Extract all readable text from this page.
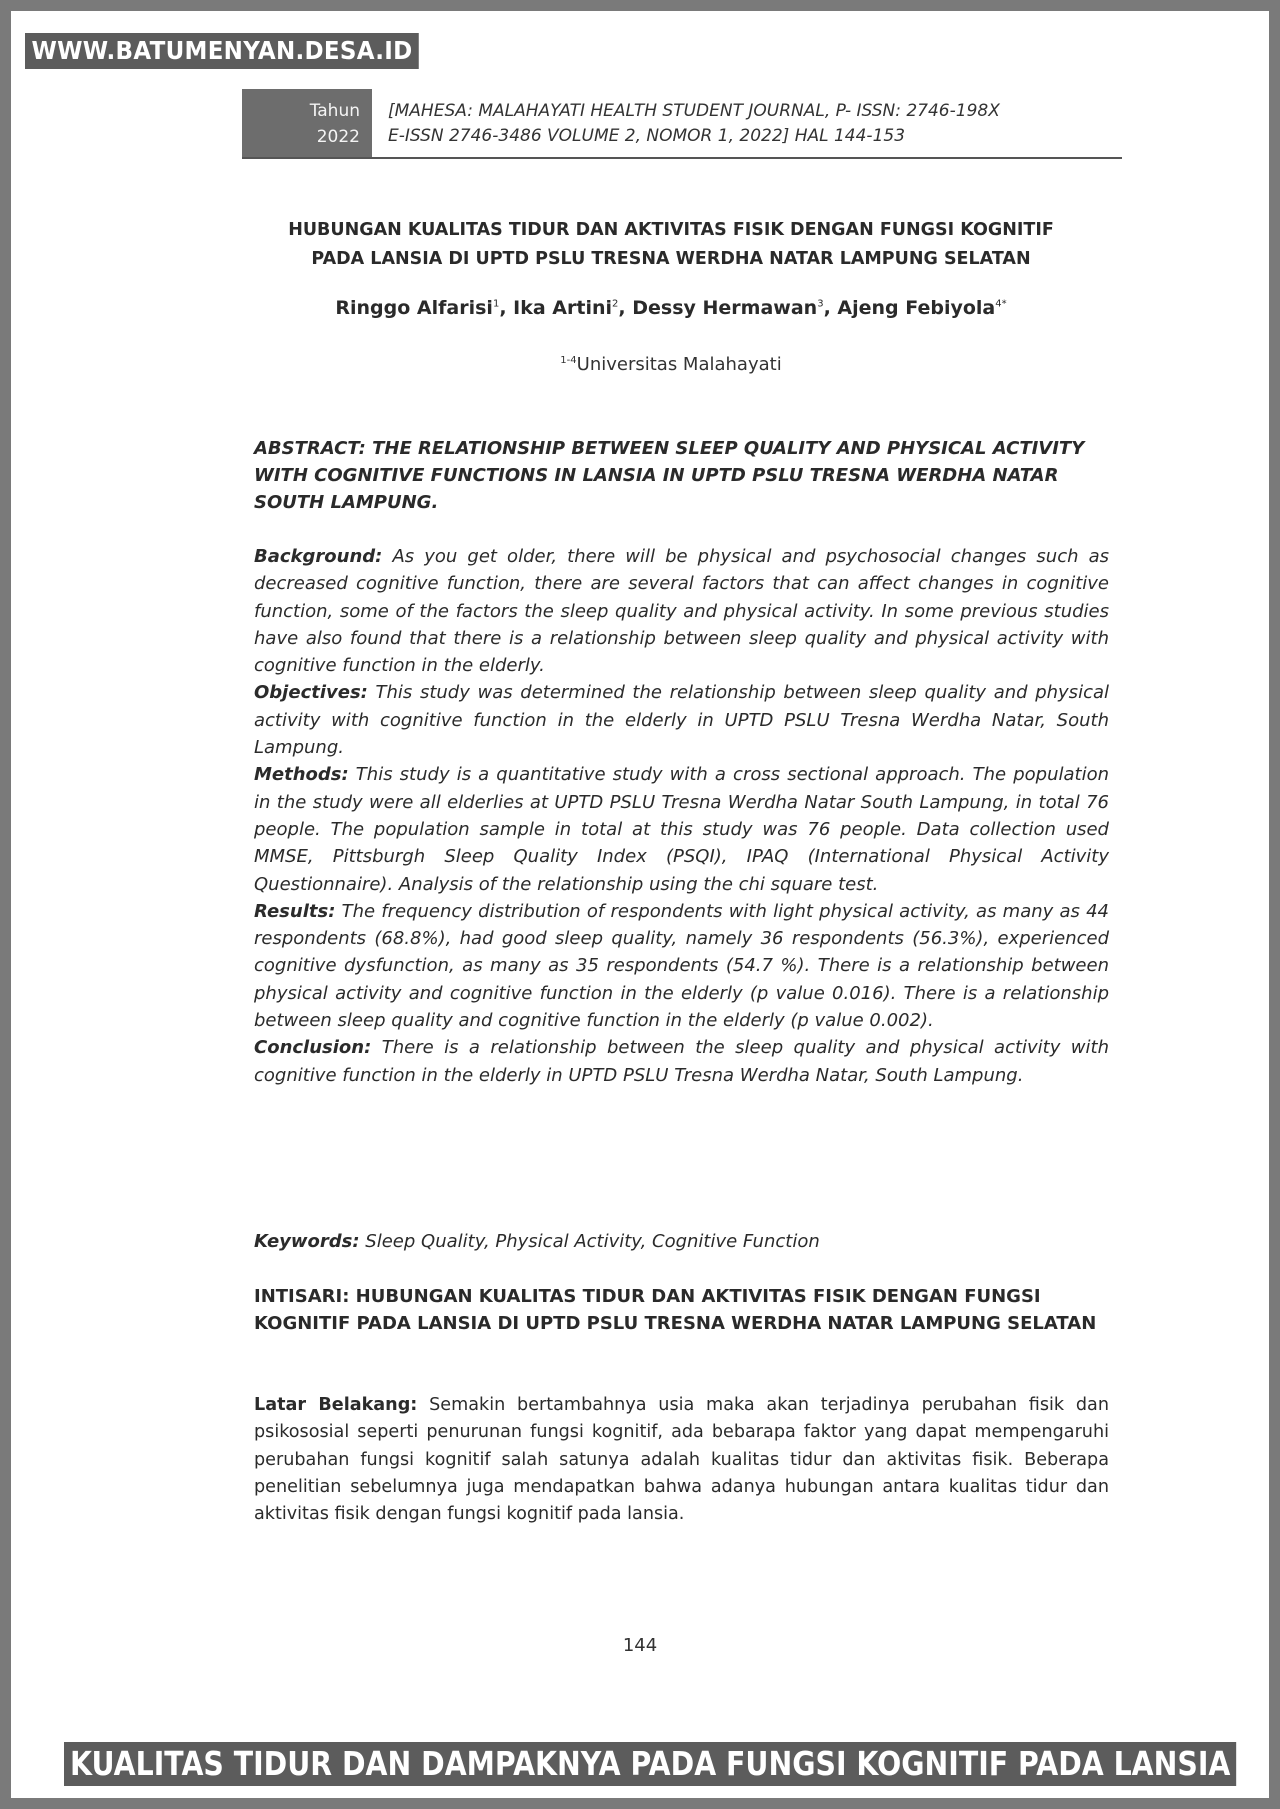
Tahun
2022
[MAHESA: MALAHAYATI HEALTH STUDENT JOURNAL, P- ISSN: 2746-198X
E-ISSN 2746-3486 VOLUME 2, NOMOR 1, 2022] HAL 144-153
HUBUNGAN KUALITAS TIDUR DAN AKTIVITAS FISIK DENGAN FUNGSI KOGNITIF
PADA LANSIA DI UPTD PSLU TRESNA WERDHA NATAR LAMPUNG SELATAN
Ringgo Alfarisi$^1$, Ika Artini$^2$, Dessy Hermawan$^3$, Ajeng Febiyola$^{4*}$
$^{1-4}$Universitas Malahayati
ABSTRACT: THE RELATIONSHIP BETWEEN SLEEP QUALITY AND PHYSICAL ACTIVITY WITH COGNITIVE FUNCTIONS IN LANSIA IN UPTD PSLU TRESNA WERDHA NATAR SOUTH LAMPUNG.
Background: As you get older, there will be physical and psychosocial changes such as decreased cognitive function, there are several factors that can affect changes in cognitive function, some of the factors the sleep quality and physical activity. In some previous studies have also found that there is a relationship between sleep quality and physical activity with cognitive function in the elderly.
Objectives: This study was determined the relationship between sleep quality and physical activity with cognitive function in the elderly in UPTD PSLU Tresna Werdha Natar, South Lampung.
Methods: This study is a quantitative study with a cross sectional approach. The population in the study were all elderlies at UPTD PSLU Tresna Werdha Natar South Lampung, in total 76 people. The population sample in total at this study was 76 people. Data collection used MMSE, Pittsburgh Sleep Quality Index (PSQI), IPAQ (International Physical Activity Questionnaire). Analysis of the relationship using the chi square test.
Results: The frequency distribution of respondents with light physical activity, as many as 44 respondents (68.8%), had good sleep quality, namely 36 respondents (56.3%), experienced cognitive dysfunction, as many as 35 respondents (54.7 %). There is a relationship between physical activity and cognitive function in the elderly (p value 0.016). There is a relationship between sleep quality and cognitive function in the elderly (p value 0.002).
Conclusion: There is a relationship between the sleep quality and physical activity with cognitive function in the elderly in UPTD PSLU Tresna Werdha Natar, South Lampung.
Keywords: Sleep Quality, Physical Activity, Cognitive Function
INTISARI: HUBUNGAN KUALITAS TIDUR DAN AKTIVITAS FISIK DENGAN FUNGSI KOGNITIF PADA LANSIA DI UPTD PSLU TRESNA WERDHA NATAR LAMPUNG SELATAN
Latar Belakang: Semakin bertambahnya usia maka akan terjadinya perubahan fisik dan psikososial seperti penurunan fungsi kognitif, ada bebarapa faktor yang dapat mempengaruhi perubahan fungsi kognitif salah satunya adalah kualitas tidur dan aktivitas fisik. Beberapa penelitian sebelumnya juga mendapatkan bahwa adanya hubungan antara kualitas tidur dan aktivitas fisik dengan fungsi kognitif pada lansia.
144
WWW.BATUMENYAN.DESA.ID
KUALITAS TIDUR DAN DAMPAKNYA PADA FUNGSI KOGNITIF PADA LANSIA
